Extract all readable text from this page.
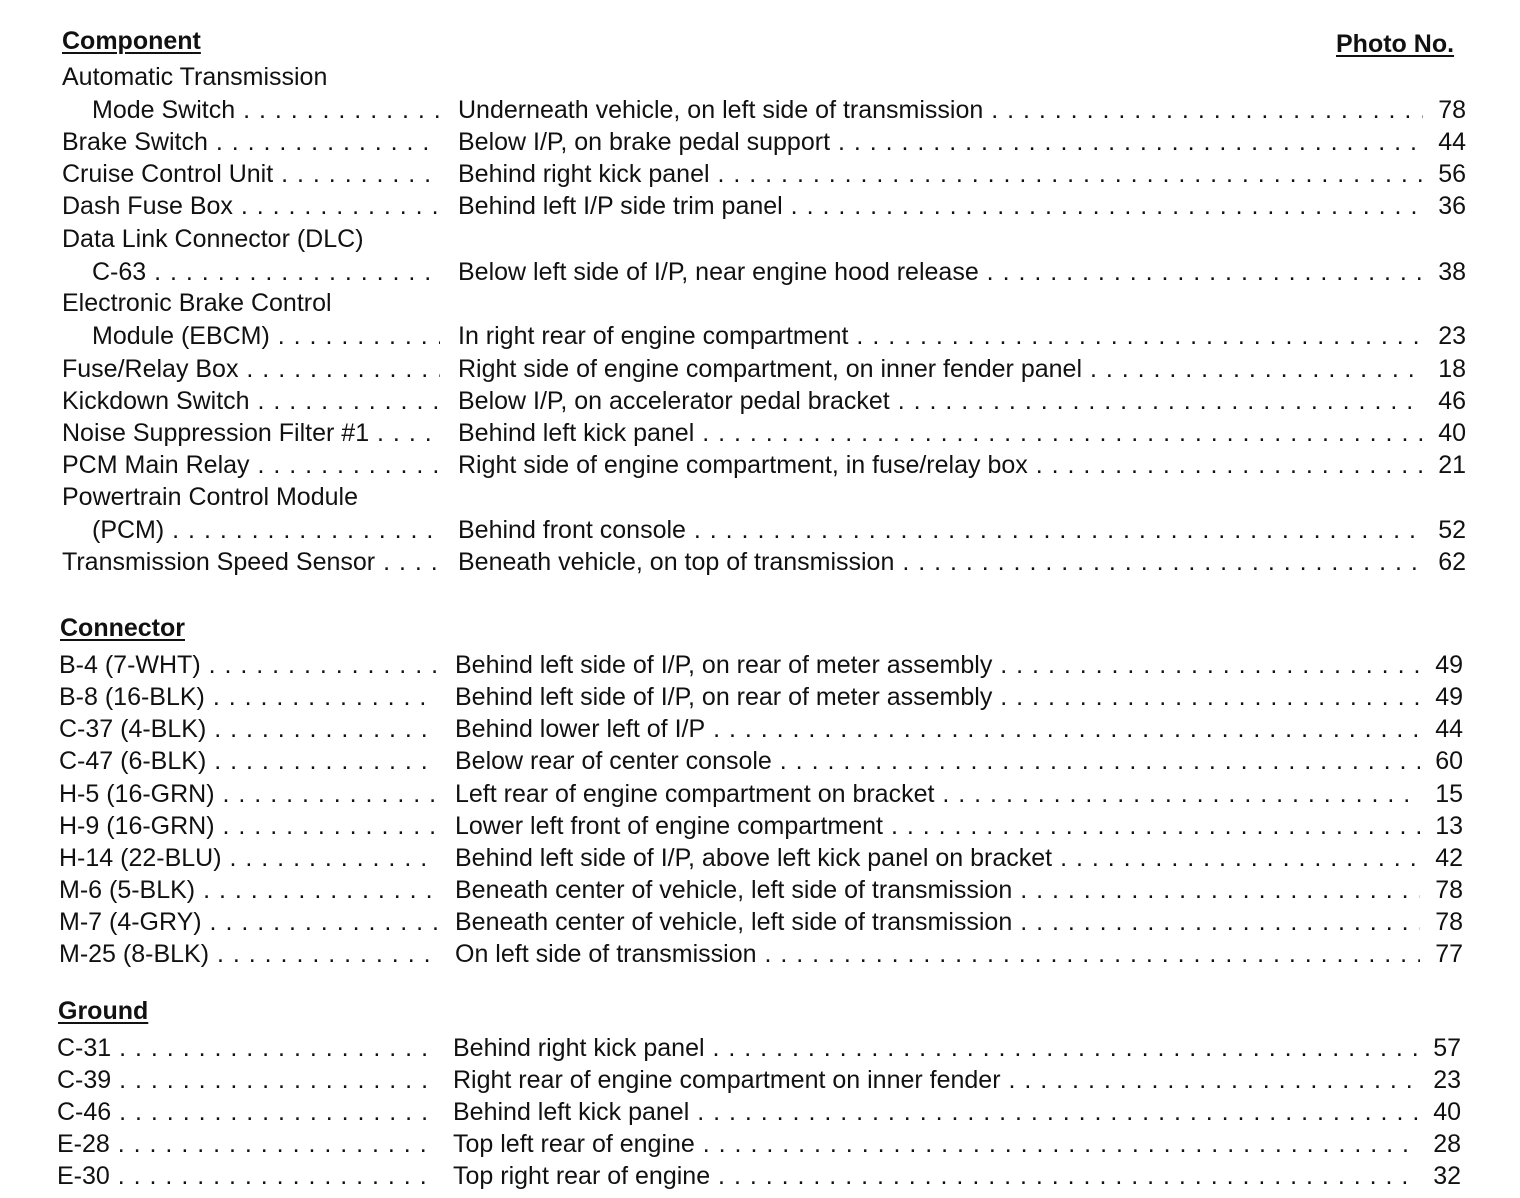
Component	Photo No.
Connector
Ground
Automatic Transmission
Mode Switch . . .	Underneath vehicle, on left side of transmission . . .	78
Brake Switch . . .	Below I/P, on brake pedal support . . .	44
Cruise Control Unit . . .	Behind right kick panel . . .	56
Dash Fuse Box . . .	Behind left I/P side trim panel . . .	36
Data Link Connector (DLC)
C-63 . . .	Below left side of I/P, near engine hood release . . .	38
Electronic Brake Control
Module (EBCM) . . .	In right rear of engine compartment . . .	23
Fuse/Relay Box . . .	Right side of engine compartment, on inner fender panel . . .	18
Kickdown Switch . . .	Below I/P, on accelerator pedal bracket . . .	46
Noise Suppression Filter #1 . . .	Behind left kick panel . . .	40
PCM Main Relay . . .	Right side of engine compartment, in fuse/relay box . . .	21
Powertrain Control Module
(PCM) . . .	Behind front console . . .	52
Transmission Speed Sensor . . .	Beneath vehicle, on top of transmission . . .	62
B-4 (7-WHT) . . .	Behind left side of I/P, on rear of meter assembly . . .	49
B-8 (16-BLK) . . .	Behind left side of I/P, on rear of meter assembly . . .	49
C-37 (4-BLK) . . .	Behind lower left of I/P . . .	44
C-47 (6-BLK) . . .	Below rear of center console . . .	60
H-5 (16-GRN) . . .	Left rear of engine compartment on bracket . . .	15
H-9 (16-GRN) . . .	Lower left front of engine compartment . . .	13
H-14 (22-BLU) . . .	Behind left side of I/P, above left kick panel on bracket . . .	42
M-6 (5-BLK) . . .	Beneath center of vehicle, left side of transmission . . .	78
M-7 (4-GRY) . . .	Beneath center of vehicle, left side of transmission . . .	78
M-25 (8-BLK) . . .	On left side of transmission . . .	77
C-31 . . .	Behind right kick panel . . .	57
C-39 . . .	Right rear of engine compartment on inner fender . . .	23
C-46 . . .	Behind left kick panel . . .	40
E-28 . . .	Top left rear of engine . . .	28
E-30 . . .	Top right rear of engine . . .	32
